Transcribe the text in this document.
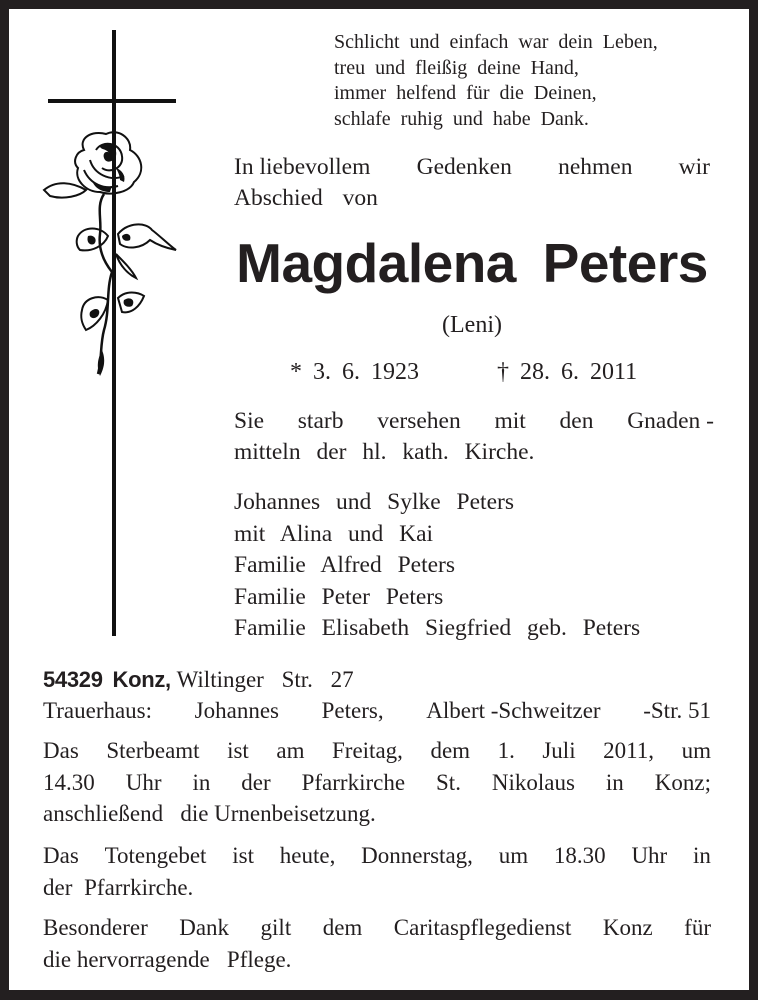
Schlicht und einfach war dein Leben,
treu und fleißig deine Hand,
immer helfend für die Deinen,
schlafe ruhig und habe Dank.
In liebevollem Gedenken nehmen wir
Abschied von
Magdalena Peters
(Leni)
* 3. 6. 1923	† 28. 6. 2011
Sie starb versehen mit den Gnaden -
mitteln der hl. kath. Kirche.
Johannes und Sylke Peters
mit Alina und Kai
Familie Alfred Peters
Familie Peter Peters
Familie Elisabeth Siegfried geb. Peters
54329 Konz, Wiltinger Str. 27
Trauerhaus: Johannes Peters, Albert -Schweitzer -Str. 51
Das Sterbeamt ist am Freitag, dem 1. Juli 2011, um
14.30 Uhr in der Pfarrkirche St. Nikolaus in Konz;
anschließend   die Urnenbeisetzung.
Das Totengebet ist heute, Donnerstag, um 18.30 Uhr in
der Pfarrkirche.
Besonderer Dank gilt dem Caritaspflegedienst Konz für
die hervorragende   Pflege.
